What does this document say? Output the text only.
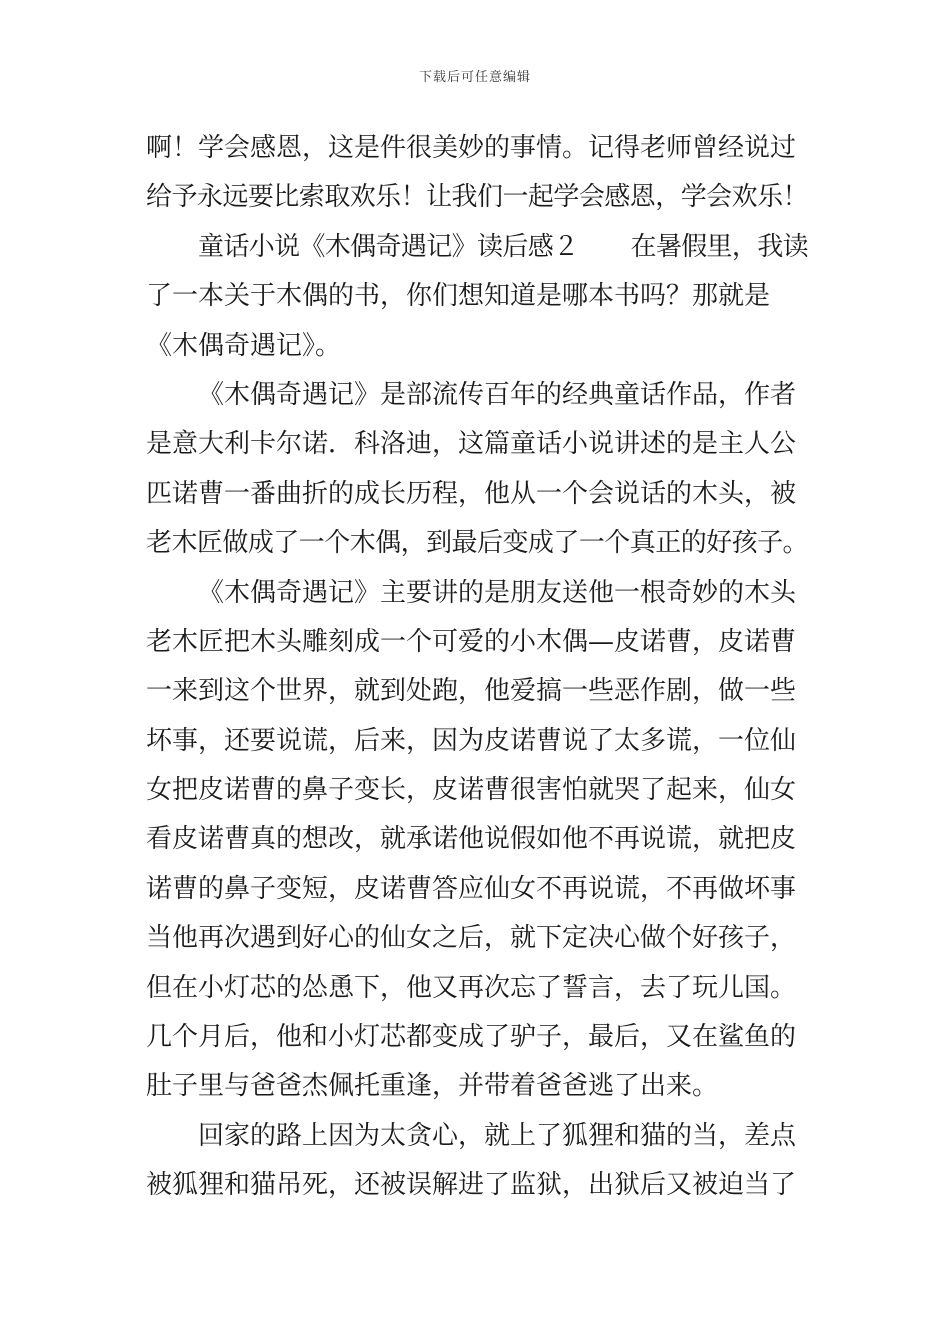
下载后可任意编辑
啊！学会感恩，这是件很美妙的事情。记得老师曾经说过
给予永远要比索取欢乐！让我们一起学会感恩，学会欢乐！
童话小说《木偶奇遇记》读后感２ 在暑假里，我读
了一本关于木偶的书，你们想知道是哪本书吗？那就是
《木偶奇遇记》。
《木偶奇遇记》是部流传百年的经典童话作品，作者
是意大利卡尔诺．科洛迪，这篇童话小说讲述的是主人公
匹诺曹一番曲折的成长历程，他从一个会说话的木头，被
老木匠做成了一个木偶，到最后变成了一个真正的好孩子。
《木偶奇遇记》主要讲的是朋友送他一根奇妙的木头
老木匠把木头雕刻成一个可爱的小木偶—皮诺曹，皮诺曹
一来到这个世界，就到处跑，他爱搞一些恶作剧，做一些
坏事，还要说谎，后来，因为皮诺曹说了太多谎，一位仙
女把皮诺曹的鼻子变长，皮诺曹很害怕就哭了起来，仙女
看皮诺曹真的想改，就承诺他说假如他不再说谎，就把皮
诺曹的鼻子变短，皮诺曹答应仙女不再说谎，不再做坏事
当他再次遇到好心的仙女之后，就下定决心做个好孩子，
但在小灯芯的怂恿下，他又再次忘了誓言，去了玩儿国。
几个月后，他和小灯芯都变成了驴子，最后，又在鲨鱼的
肚子里与爸爸杰佩托重逢，并带着爸爸逃了出来。
回家的路上因为太贪心，就上了狐狸和猫的当，差点
被狐狸和猫吊死，还被误解进了监狱，出狱后又被迫当了
